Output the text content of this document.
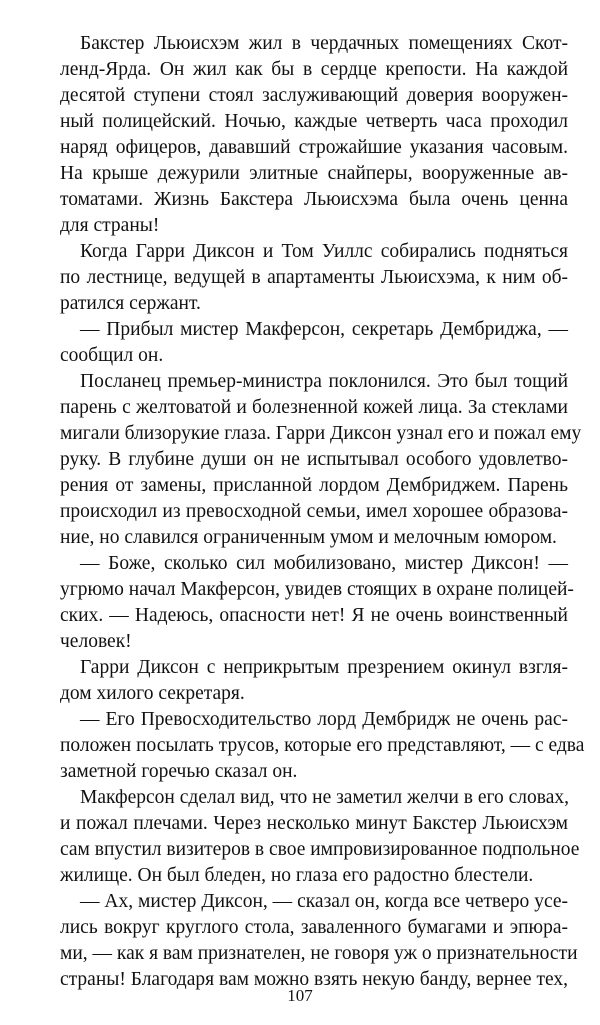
Бакстер Льюисхэм жил в чердачных помещениях Скот-
ленд-Ярда. Он жил как бы в сердце крепости. На каждой
десятой ступени стоял заслуживающий доверия вооружен-
ный полицейский. Ночью, каждые четверть часа проходил
наряд офицеров, дававший строжайшие указания часовым.
На крыше дежурили элитные снайперы, вооруженные ав-
томатами. Жизнь Бакстера Льюисхэма была очень ценна
для страны!
Когда Гарри Диксон и Том Уиллс собирались подняться
по лестнице, ведущей в апартаменты Льюисхэма, к ним об-
ратился сержант.
— Прибыл мистер Макферсон, секретарь Дембриджа, —
сообщил он.
Посланец премьер-министра поклонился. Это был тощий
парень с желтоватой и болезненной кожей лица. За стеклами
мигали близорукие глаза. Гарри Диксон узнал его и пожал ему
руку. В глубине души он не испытывал особого удовлетво-
рения от замены, присланной лордом Дембриджем. Парень
происходил из превосходной семьи, имел хорошее образова-
ние, но славился ограниченным умом и мелочным юмором.
— Боже, сколько сил мобилизовано, мистер Диксон! —
угрюмо начал Макферсон, увидев стоящих в охране полицей-
ских. — Надеюсь, опасности нет! Я не очень воинственный
человек!
Гарри Диксон с неприкрытым презрением окинул взгля-
дом хилого секретаря.
— Его Превосходительство лорд Дембридж не очень рас-
положен посылать трусов, которые его представляют, — с едва
заметной горечью сказал он.
Макферсон сделал вид, что не заметил желчи в его словах,
и пожал плечами. Через несколько минут Бакстер Льюисхэм
сам впустил визитеров в свое импровизированное подпольное
жилище. Он был бледен, но глаза его радостно блестели.
— Ах, мистер Диксон, — сказал он, когда все четверо усе-
лись вокруг круглого стола, заваленного бумагами и эпюра-
ми, — как я вам признателен, не говоря уж о признательности
страны! Благодаря вам можно взять некую банду, вернее тех,
107
